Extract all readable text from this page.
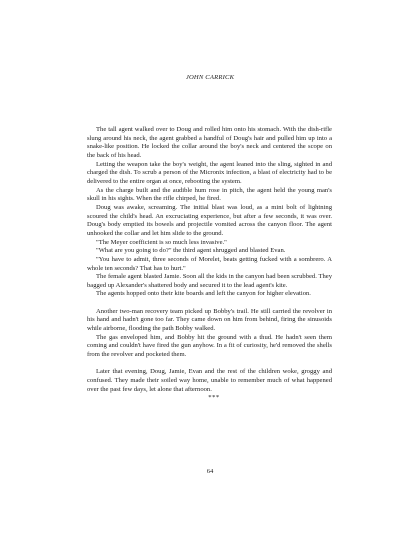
JOHN CARRICK

The tall agent walked over to Doug and rolled him onto his stomach. With the dish-rifle slung around his neck, the agent grabbed a handful of Doug's hair and pulled him up into a snake-like position. He locked the collar around the boy's neck and centered the scope on the back of his head.

Letting the weapon take the boy's weight, the agent leaned into the sling, sighted in and charged the dish. To scrub a person of the Micronix infection, a blast of electricity had to be delivered to the entire organ at once, rebooting the system.

As the charge built and the audible hum rose in pitch, the agent held the young man's skull in his sights. When the rifle chirped, he fired.

Doug was awake, screaming. The initial blast was loud, as a mini bolt of lightning scoured the child's head. An excruciating experience, but after a few seconds, it was over. Doug's body emptied its bowels and projectile vomited across the canyon floor. The agent unhooked the collar and let him slide to the ground.

"The Meyer coefficient is so much less invasive."

"What are you going to do?" the third agent shrugged and blasted Evan.

"You have to admit, three seconds of Morelet, beats getting fucked with a sombrero. A whole ten seconds? That has to hurt."

The female agent blasted Jamie. Soon all the kids in the canyon had been scrubbed. They bagged up Alexander's shattered body and secured it to the lead agent's kite.

The agents hopped onto their kite boards and left the canyon for higher elevation.

Another two-man recovery team picked up Bobby's trail. He still carried the revolver in his hand and hadn't gone too far. They came down on him from behind, firing the sinusoids while airborne, flooding the path Bobby walked.

The gas enveloped him, and Bobby hit the ground with a thud. He hadn't seen them coming and couldn't have fired the gun anyhow. In a fit of curiosity, he'd removed the shells from the revolver and pocketed them.

Later that evening, Doug, Jamie, Evan and the rest of the children woke, groggy and confused. They made their soiled way home, unable to remember much of what happened over the past few days, let alone that afternoon.

***

64
